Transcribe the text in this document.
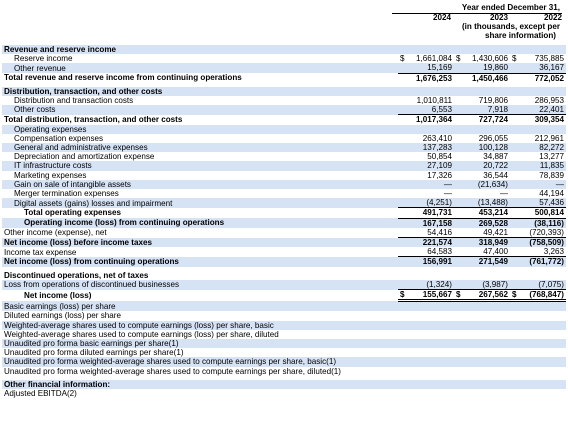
Year ended December 31,
2024	2023	2022
(in thousands, except per
share information)
Revenue and reserve income						
Reserve income	$	1,661,084	$	1,430,606	$	735,885
Other revenue		15,169		19,860		36,167
Total revenue and reserve income from continuing operations		1,676,253		1,450,466		772,052

Distribution, transaction, and other costs						
Distribution and transaction costs		1,010,811		719,806		286,953
Other costs		6,553		7,918		22,401
Total distribution, transaction, and other costs		1,017,364		727,724		309,354
Operating expenses						
Compensation expenses		263,410		296,055		212,961
General and administrative expenses		137,283		100,128		82,272
Depreciation and amortization expense		50,854		34,887		13,277
IT infrastructure costs		27,109		20,722		11,835
Marketing expenses		17,326		36,544		78,839
Gain on sale of intangible assets		—		(21,634)		—
Merger termination expenses		—		—		44,194
Digital assets (gains) losses and impairment		(4,251)		(13,488)		57,436
Total operating expenses		491,731		453,214		500,814
Operating income (loss) from continuing operations		167,158		269,528		(38,116)
Other income (expense), net		54,416		49,421		(720,393)
Net income (loss) before income taxes		221,574		318,949		(758,509)
Income tax expense		64,583		47,400		3,263
Net income (loss) from continuing operations		156,991		271,549		(761,772)

Discontinued operations, net of taxes						
Loss from operations of discontinued businesses		(1,324)		(3,987)		(7,075)
Net income (loss)	$	155,667	$	267,562	$	(768,847)
Basic earnings (loss) per share						
Diluted earnings (loss) per share						
Weighted-average shares used to compute earnings (loss) per share, basic						
Weighted-average shares used to compute earnings (loss) per share, diluted						
Unaudited pro forma basic earnings per share(1)						
Unaudited pro forma diluted earnings per share(1)						
Unaudited pro forma weighted-average shares used to compute earnings per share, basic(1)						
Unaudited pro forma weighted-average shares used to compute earnings per share, diluted(1)						

Other financial information:						
Adjusted EBITDA(2)						
